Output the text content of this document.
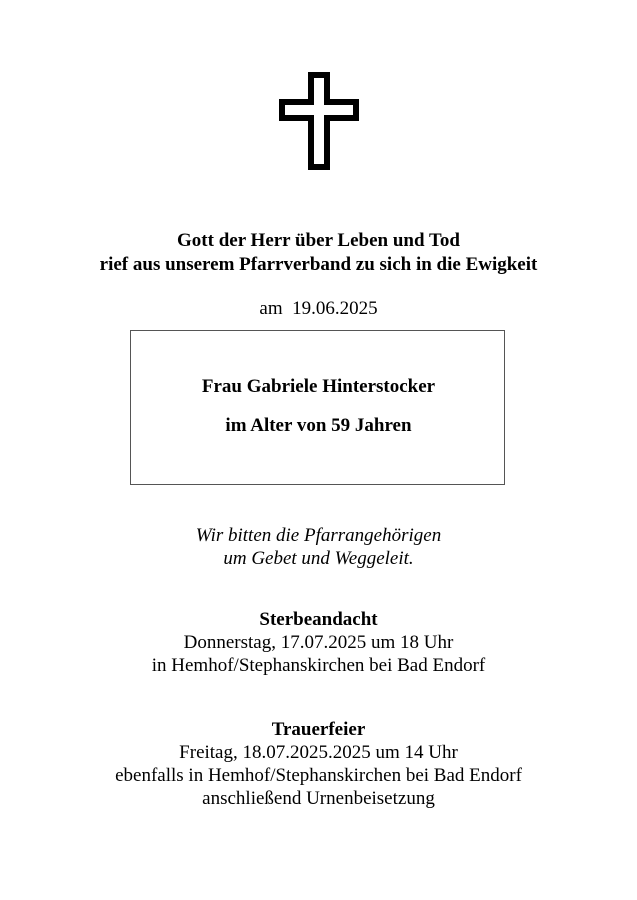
Gott der Herr über Leben und Tod
rief aus unserem Pfarrverband zu sich in die Ewigkeit
am  19.06.2025
Frau Gabriele Hinterstocker
im Alter von 59 Jahren
Wir bitten die Pfarrangehörigen
um Gebet und Weggeleit.
Sterbeandacht
Donnerstag, 17.07.2025 um 18 Uhr
in Hemhof/Stephanskirchen bei Bad Endorf
Trauerfeier
Freitag, 18.07.2025.2025 um 14 Uhr
ebenfalls in Hemhof/Stephanskirchen bei Bad Endorf
anschließend Urnenbeisetzung
